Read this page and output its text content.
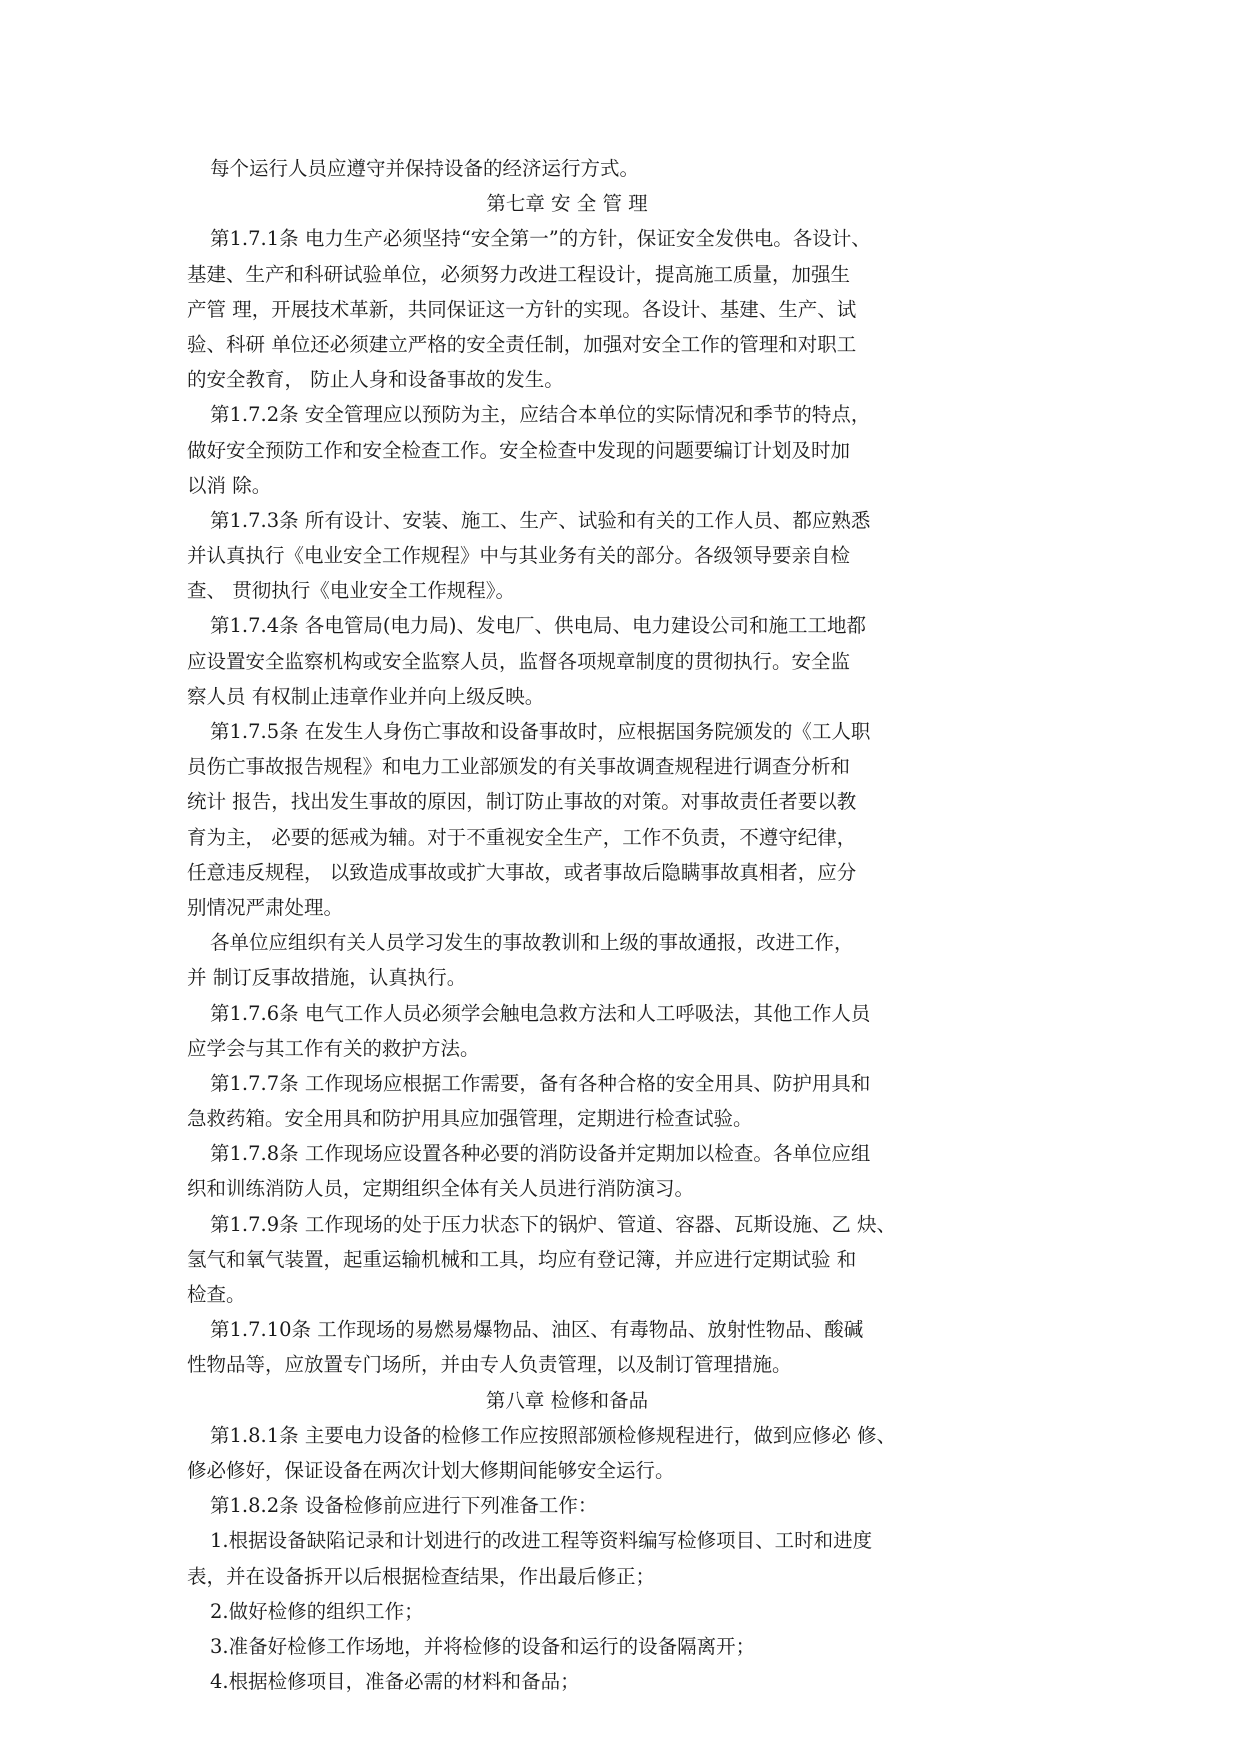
每个运行人员应遵守并保持设备的经济运行方式。
第七章 安 全 管 理
第1.7.1条 电力生产必须坚持“安全第一”的方针，保证安全发供电。各设计、
基建、生产和科研试验单位，必须努力改进工程设计，提高施工质量，加强生
产管 理，开展技术革新，共同保证这一方针的实现。各设计、基建、生产、试
验、科研 单位还必须建立严格的安全责任制，加强对安全工作的管理和对职工
的安全教育， 防止人身和设备事故的发生。
第1.7.2条 安全管理应以预防为主，应结合本单位的实际情况和季节的特点，
做好安全预防工作和安全检查工作。安全检查中发现的问题要编订计划及时加
以消 除。
第1.7.3条 所有设计、安装、施工、生产、试验和有关的工作人员、都应熟悉
并认真执行《电业安全工作规程》中与其业务有关的部分。各级领导要亲自检
查、 贯彻执行《电业安全工作规程》。
第1.7.4条 各电管局(电力局)、发电厂、供电局、电力建设公司和施工工地都
应设置安全监察机构或安全监察人员，监督各项规章制度的贯彻执行。安全监
察人员 有权制止违章作业并向上级反映。
第1.7.5条 在发生人身伤亡事故和设备事故时，应根据国务院颁发的《工人职
员伤亡事故报告规程》和电力工业部颁发的有关事故调查规程进行调查分析和
统计 报告，找出发生事故的原因，制订防止事故的对策。对事故责任者要以教
育为主， 必要的惩戒为辅。对于不重视安全生产，工作不负责，不遵守纪律，
任意违反规程， 以致造成事故或扩大事故，或者事故后隐瞒事故真相者，应分
别情况严肃处理。
各单位应组织有关人员学习发生的事故教训和上级的事故通报，改进工作，
并 制订反事故措施，认真执行。
第1.7.6条 电气工作人员必须学会触电急救方法和人工呼吸法，其他工作人员
应学会与其工作有关的救护方法。
第1.7.7条 工作现场应根据工作需要，备有各种合格的安全用具、防护用具和
急救药箱。安全用具和防护用具应加强管理，定期进行检查试验。
第1.7.8条 工作现场应设置各种必要的消防设备并定期加以检查。各单位应组
织和训练消防人员，定期组织全体有关人员进行消防演习。
第1.7.9条 工作现场的处于压力状态下的锅炉、管道、容器、瓦斯设施、乙 炔、
氢气和氧气装置，起重运输机械和工具，均应有登记簿，并应进行定期试验 和
检查。
第1.7.10条 工作现场的易燃易爆物品、油区、有毒物品、放射性物品、酸碱
性物品等，应放置专门场所，并由专人负责管理，以及制订管理措施。
第八章 检修和备品
第1.8.1条 主要电力设备的检修工作应按照部颁检修规程进行，做到应修必 修、
修必修好，保证设备在两次计划大修期间能够安全运行。
第1.8.2条 设备检修前应进行下列准备工作：
1.根据设备缺陷记录和计划进行的改进工程等资料编写检修项目、工时和进度
表，并在设备拆开以后根据检查结果，作出最后修正；
2.做好检修的组织工作；
3.准备好检修工作场地，并将检修的设备和运行的设备隔离开；
4.根据检修项目，准备必需的材料和备品；
